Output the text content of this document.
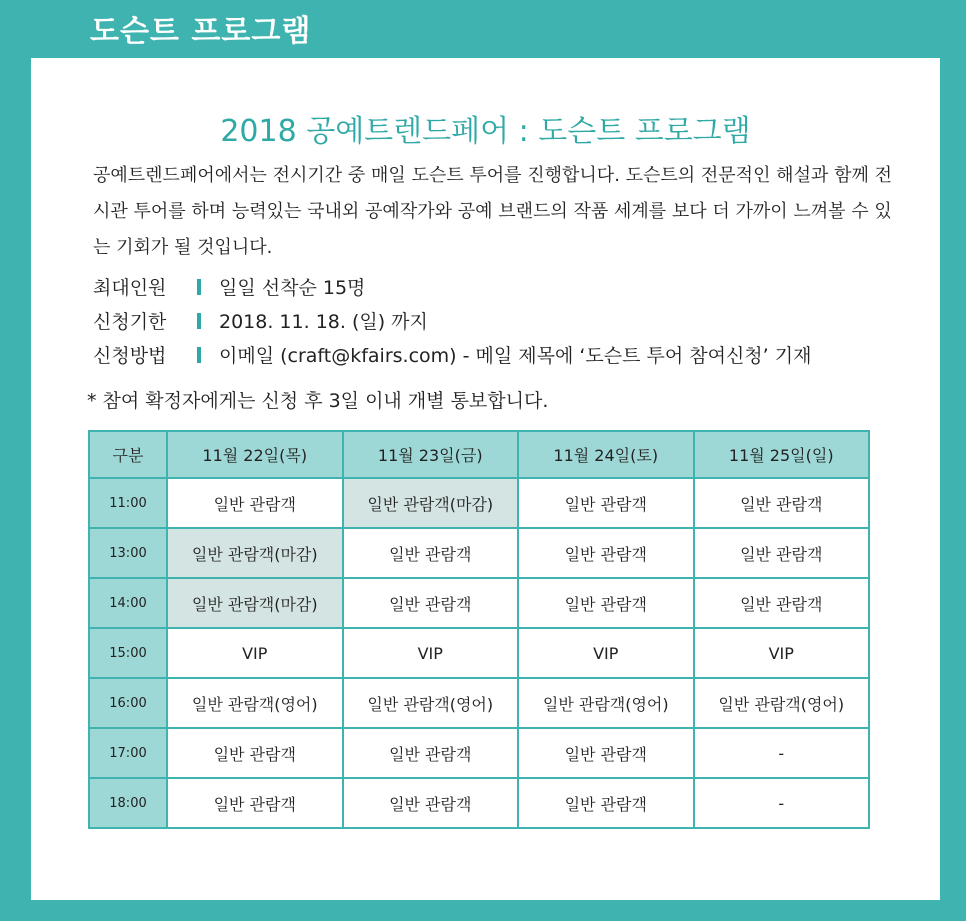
도슨트 프로그램
2018 공예트렌드페어 : 도슨트 프로그램
공예트렌드페어에서는 전시기간 중 매일 도슨트 투어를 진행합니다. 도슨트의 전문적인 해설과 함께 전시관 투어를 하며 능력있는 국내외 공예작가와 공예 브랜드의 작품 세계를 보다 더 가까이 느껴볼 수 있는 기회가 될 것입니다.
최대인원	일일 선착순 15명
신청기한	2018. 11. 18. (일) 까지
신청방법	이메일 (craft@kfairs.com) - 메일 제목에 ‘도슨트 투어 참여신청’ 기재
* 참여 확정자에게는 신청 후 3일 이내 개별 통보합니다.
구분	11월 22일(목)	11월 23일(금)	11월 24일(토)	11월 25일(일)
11:00	일반 관람객	일반 관람객(마감)	일반 관람객	일반 관람객
13:00	일반 관람객(마감)	일반 관람객	일반 관람객	일반 관람객
14:00	일반 관람객(마감)	일반 관람객	일반 관람객	일반 관람객
15:00	VIP	VIP	VIP	VIP
16:00	일반 관람객(영어)	일반 관람객(영어)	일반 관람객(영어)	일반 관람객(영어)
17:00	일반 관람객	일반 관람객	일반 관람객	-
18:00	일반 관람객	일반 관람객	일반 관람객	-
